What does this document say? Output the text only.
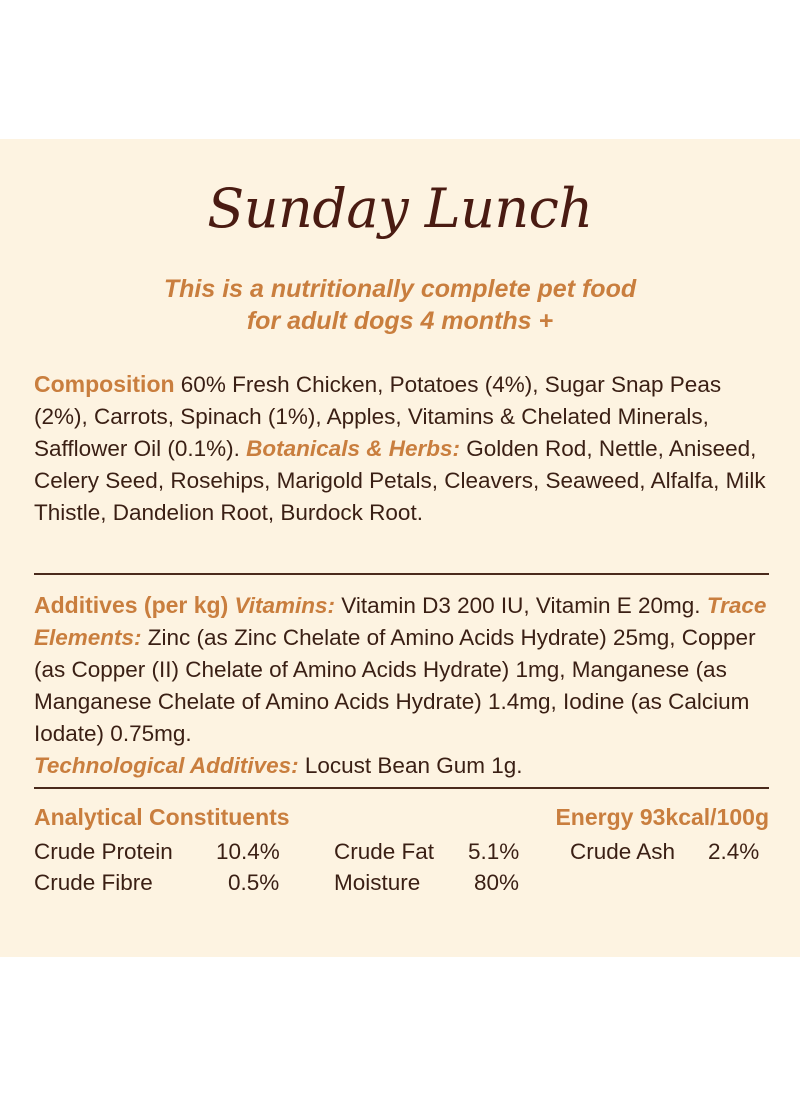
Sunday Lunch
This is a nutritionally complete pet food
for adult dogs 4 months +
Composition 60% Fresh Chicken, Potatoes (4%), Sugar Snap Peas (2%), Carrots, Spinach (1%), Apples, Vitamins & Chelated Minerals, Safflower Oil (0.1%). Botanicals & Herbs: Golden Rod, Nettle, Aniseed, Celery Seed, Rosehips, Marigold Petals, Cleavers, Seaweed, Alfalfa, Milk Thistle, Dandelion Root, Burdock Root.
Additives (per kg) Vitamins: Vitamin D3 200 IU, Vitamin E 20mg. Trace Elements: Zinc (as Zinc Chelate of Amino Acids Hydrate) 25mg, Copper (as Copper (II) Chelate of Amino Acids Hydrate) 1mg, Manganese (as Manganese Chelate of Amino Acids Hydrate) 1.4mg, Iodine (as Calcium Iodate) 0.75mg.
Technological Additives: Locust Bean Gum 1g.
Analytical Constituents	Energy 93kcal/100g
Crude Protein 10.4% Crude Fat 5.1% Crude Ash 2.4%
Crude Fibre	0.5% Moisture 80%
